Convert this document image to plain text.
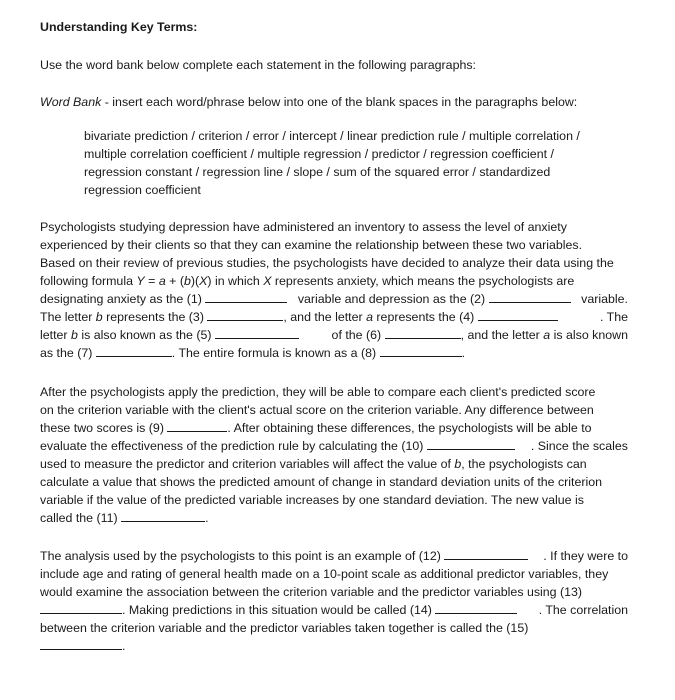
Understanding Key Terms:
Use the word bank below complete each statement in the following paragraphs:
Word Bank - insert each word/phrase below into one of the blank spaces in the paragraphs below:
bivariate prediction / criterion / error / intercept / linear prediction rule / multiple correlation /
multiple correlation coefficient / multiple regression / predictor / regression coefficient /
regression constant / regression line / slope / sum of the squared error / standardized
regression coefficient
Psychologists studying depression have administered an inventory to assess the level of anxiety
experienced by their clients so that they can examine the relationship between these two variables.
Based on their review of previous studies, the psychologists have decided to analyze their data using the
following formula Y = a + (b)(X) in which X represents anxiety, which means the psychologists are
designating anxiety as the (1)	variable and depression as the (2)	variable.
The letter b represents the (3)	, and the letter a represents the (4)	. The
letter b is also known as the (5)	of the (6)	, and the letter a is also known
as the (7)	. The entire formula is known as a (8)	.
After the psychologists apply the prediction, they will be able to compare each client's predicted score
on the criterion variable with the client's actual score on the criterion variable. Any difference between
these two scores is (9)	. After obtaining these differences, the psychologists will be able to
evaluate the effectiveness of the prediction rule by calculating the (10)	. Since the scales
used to measure the predictor and criterion variables will affect the value of b, the psychologists can
calculate a value that shows the predicted amount of change in standard deviation units of the criterion
variable if the value of the predicted variable increases by one standard deviation. The new value is
called the (11)	.
The analysis used by the psychologists to this point is an example of (12)	. If they were to
include age and rating of general health made on a 10-point scale as additional predictor variables, they
would examine the association between the criterion variable and the predictor variables using (13)
. Making predictions in this situation would be called (14)	. The correlation
between the criterion variable and the predictor variables taken together is called the (15)
.
